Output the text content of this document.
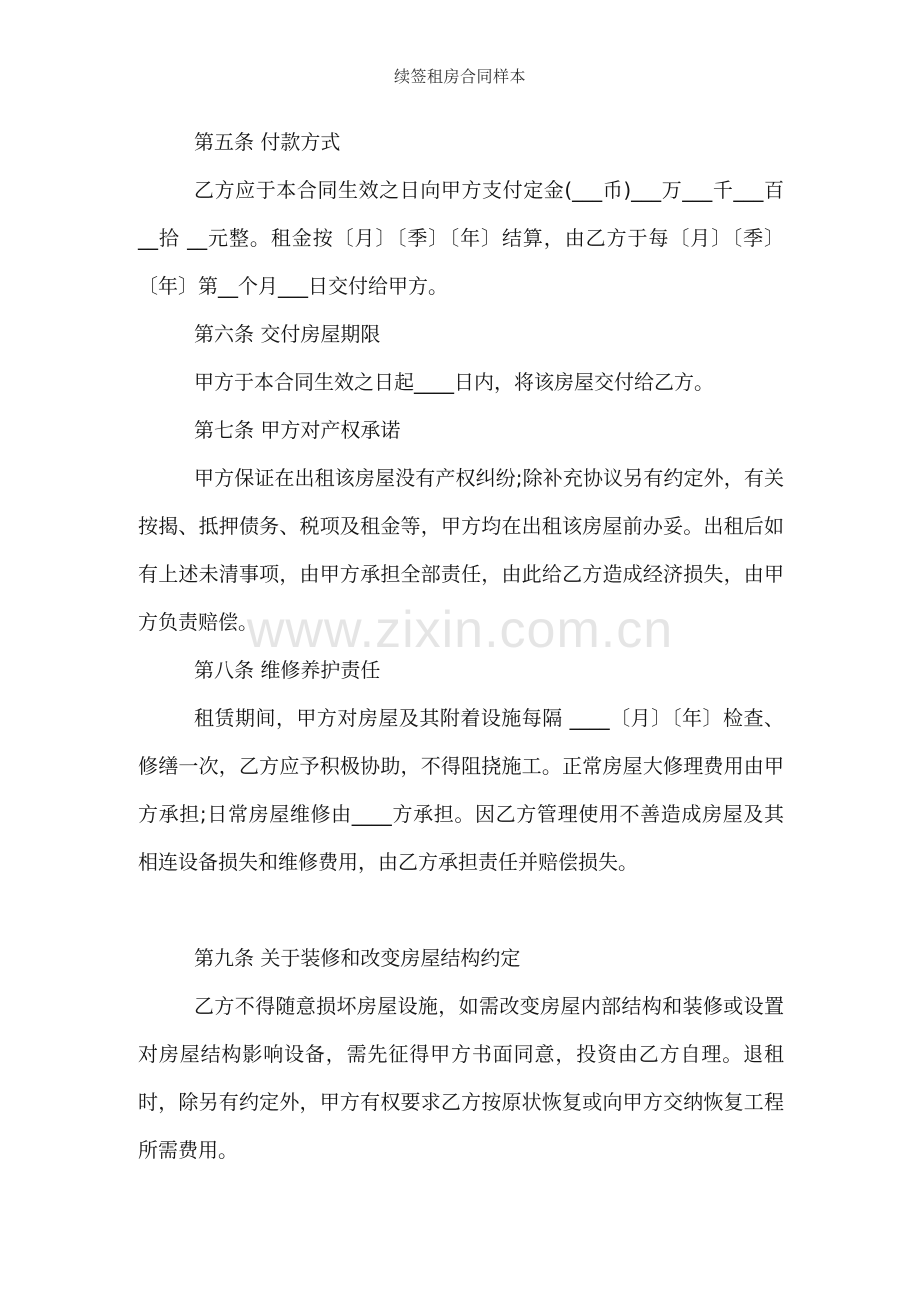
续签租房合同样本
第五条 付款方式
乙方应于本合同生效之日向甲方支付定金(___币)___万___千___百__拾 __元整。租金按〔月〕〔季〕〔年〕结算，由乙方于每〔月〕〔季〕〔年〕第__个月___日交付给甲方。
第六条 交付房屋期限
甲方于本合同生效之日起____日内，将该房屋交付给乙方。
第七条 甲方对产权承诺
甲方保证在出租该房屋没有产权纠纷;除补充协议另有约定外，有关按揭、抵押债务、税项及租金等，甲方均在出租该房屋前办妥。出租后如有上述未清事项，由甲方承担全部责任，由此给乙方造成经济损失，由甲方负责赔偿。
第八条 维修养护责任
租赁期间，甲方对房屋及其附着设施每隔 ____〔月〕〔年〕检查、修缮一次，乙方应予积极协助，不得阻挠施工。正常房屋大修理费用由甲方承担;日常房屋维修由____方承担。因乙方管理使用不善造成房屋及其相连设备损失和维修费用，由乙方承担责任并赔偿损失。
第九条 关于装修和改变房屋结构约定
乙方不得随意损坏房屋设施，如需改变房屋内部结构和装修或设置对房屋结构影响设备，需先征得甲方书面同意，投资由乙方自理。退租时，除另有约定外，甲方有权要求乙方按原状恢复或向甲方交纳恢复工程所需费用。
www.zixin.com.cn
